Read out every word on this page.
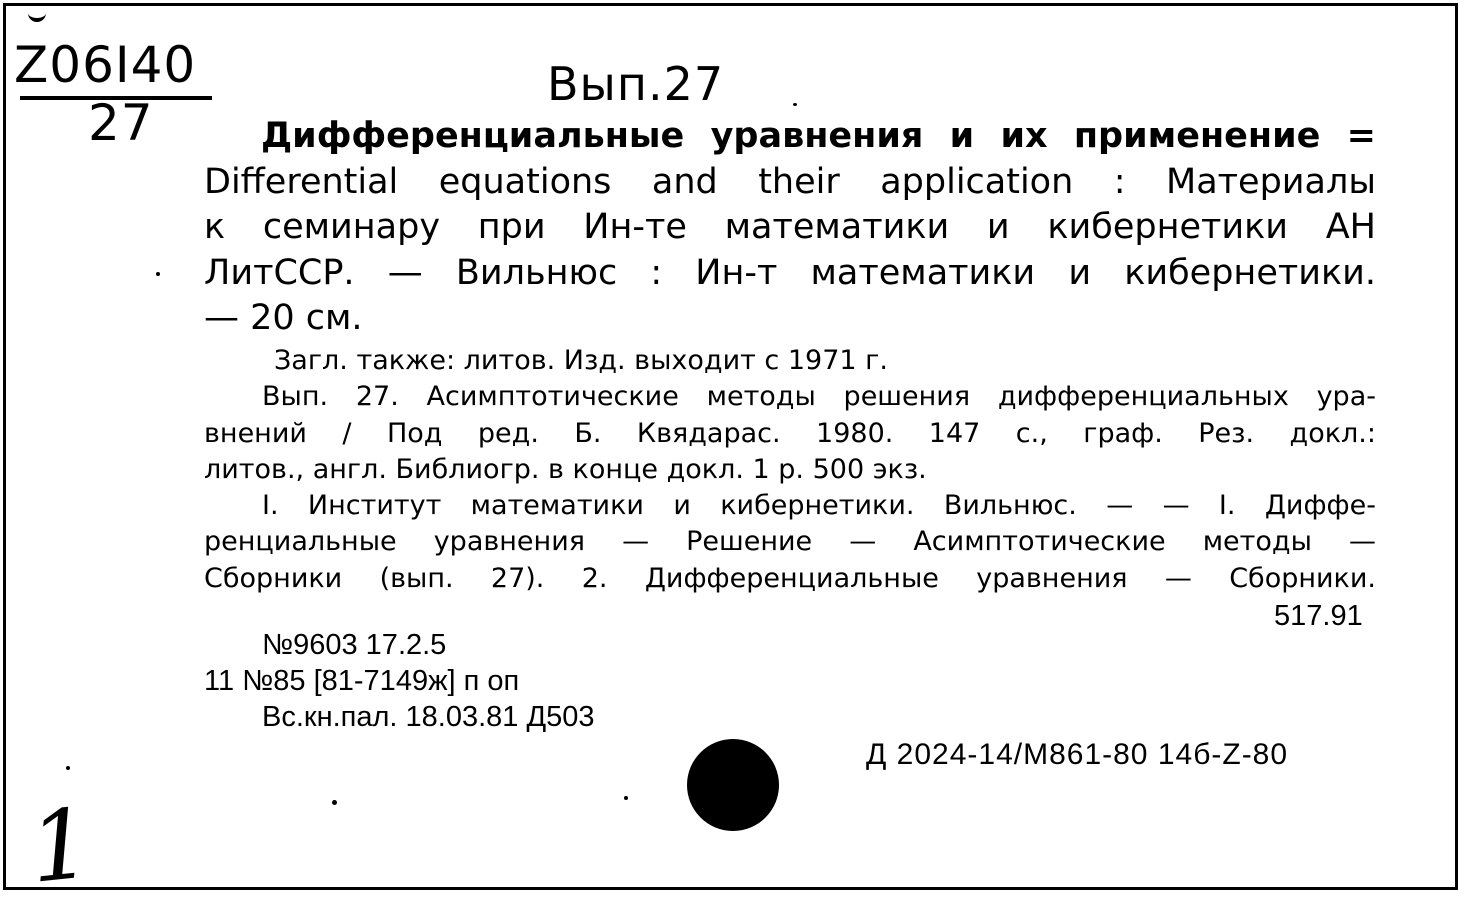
Z06I40
27
Вып.27
Дифференциальные уравнения и их применение =
Differential equations and their application : Материалы
к семинару при Ин-те математики и кибернетики АН
ЛитССР. — Вильнюс : Ин-т математики и кибернетики.
— 20 см.
Загл. также: литов. Изд. выходит с 1971 г.
Вып. 27. Асимптотические методы решения дифференциальных ура-
внений / Под ред. Б. Квядарас. 1980. 147 с., граф. Рез. докл.:
литов., англ. Библиогр. в конце докл. 1 р. 500 экз.
I. Институт математики и кибернетики. Вильнюс. — — I. Диффе-
ренциальные уравнения — Решение — Асимптотические методы —
Сборники (вып. 27). 2. Дифференциальные уравнения — Сборники.
517.91
№9603 17.2.5
11 №85 [81-7149ж] п оп
Вс.кн.пал. 18.03.81 Д503
Д 2024-14/М861-80 14б-Z-80
1
